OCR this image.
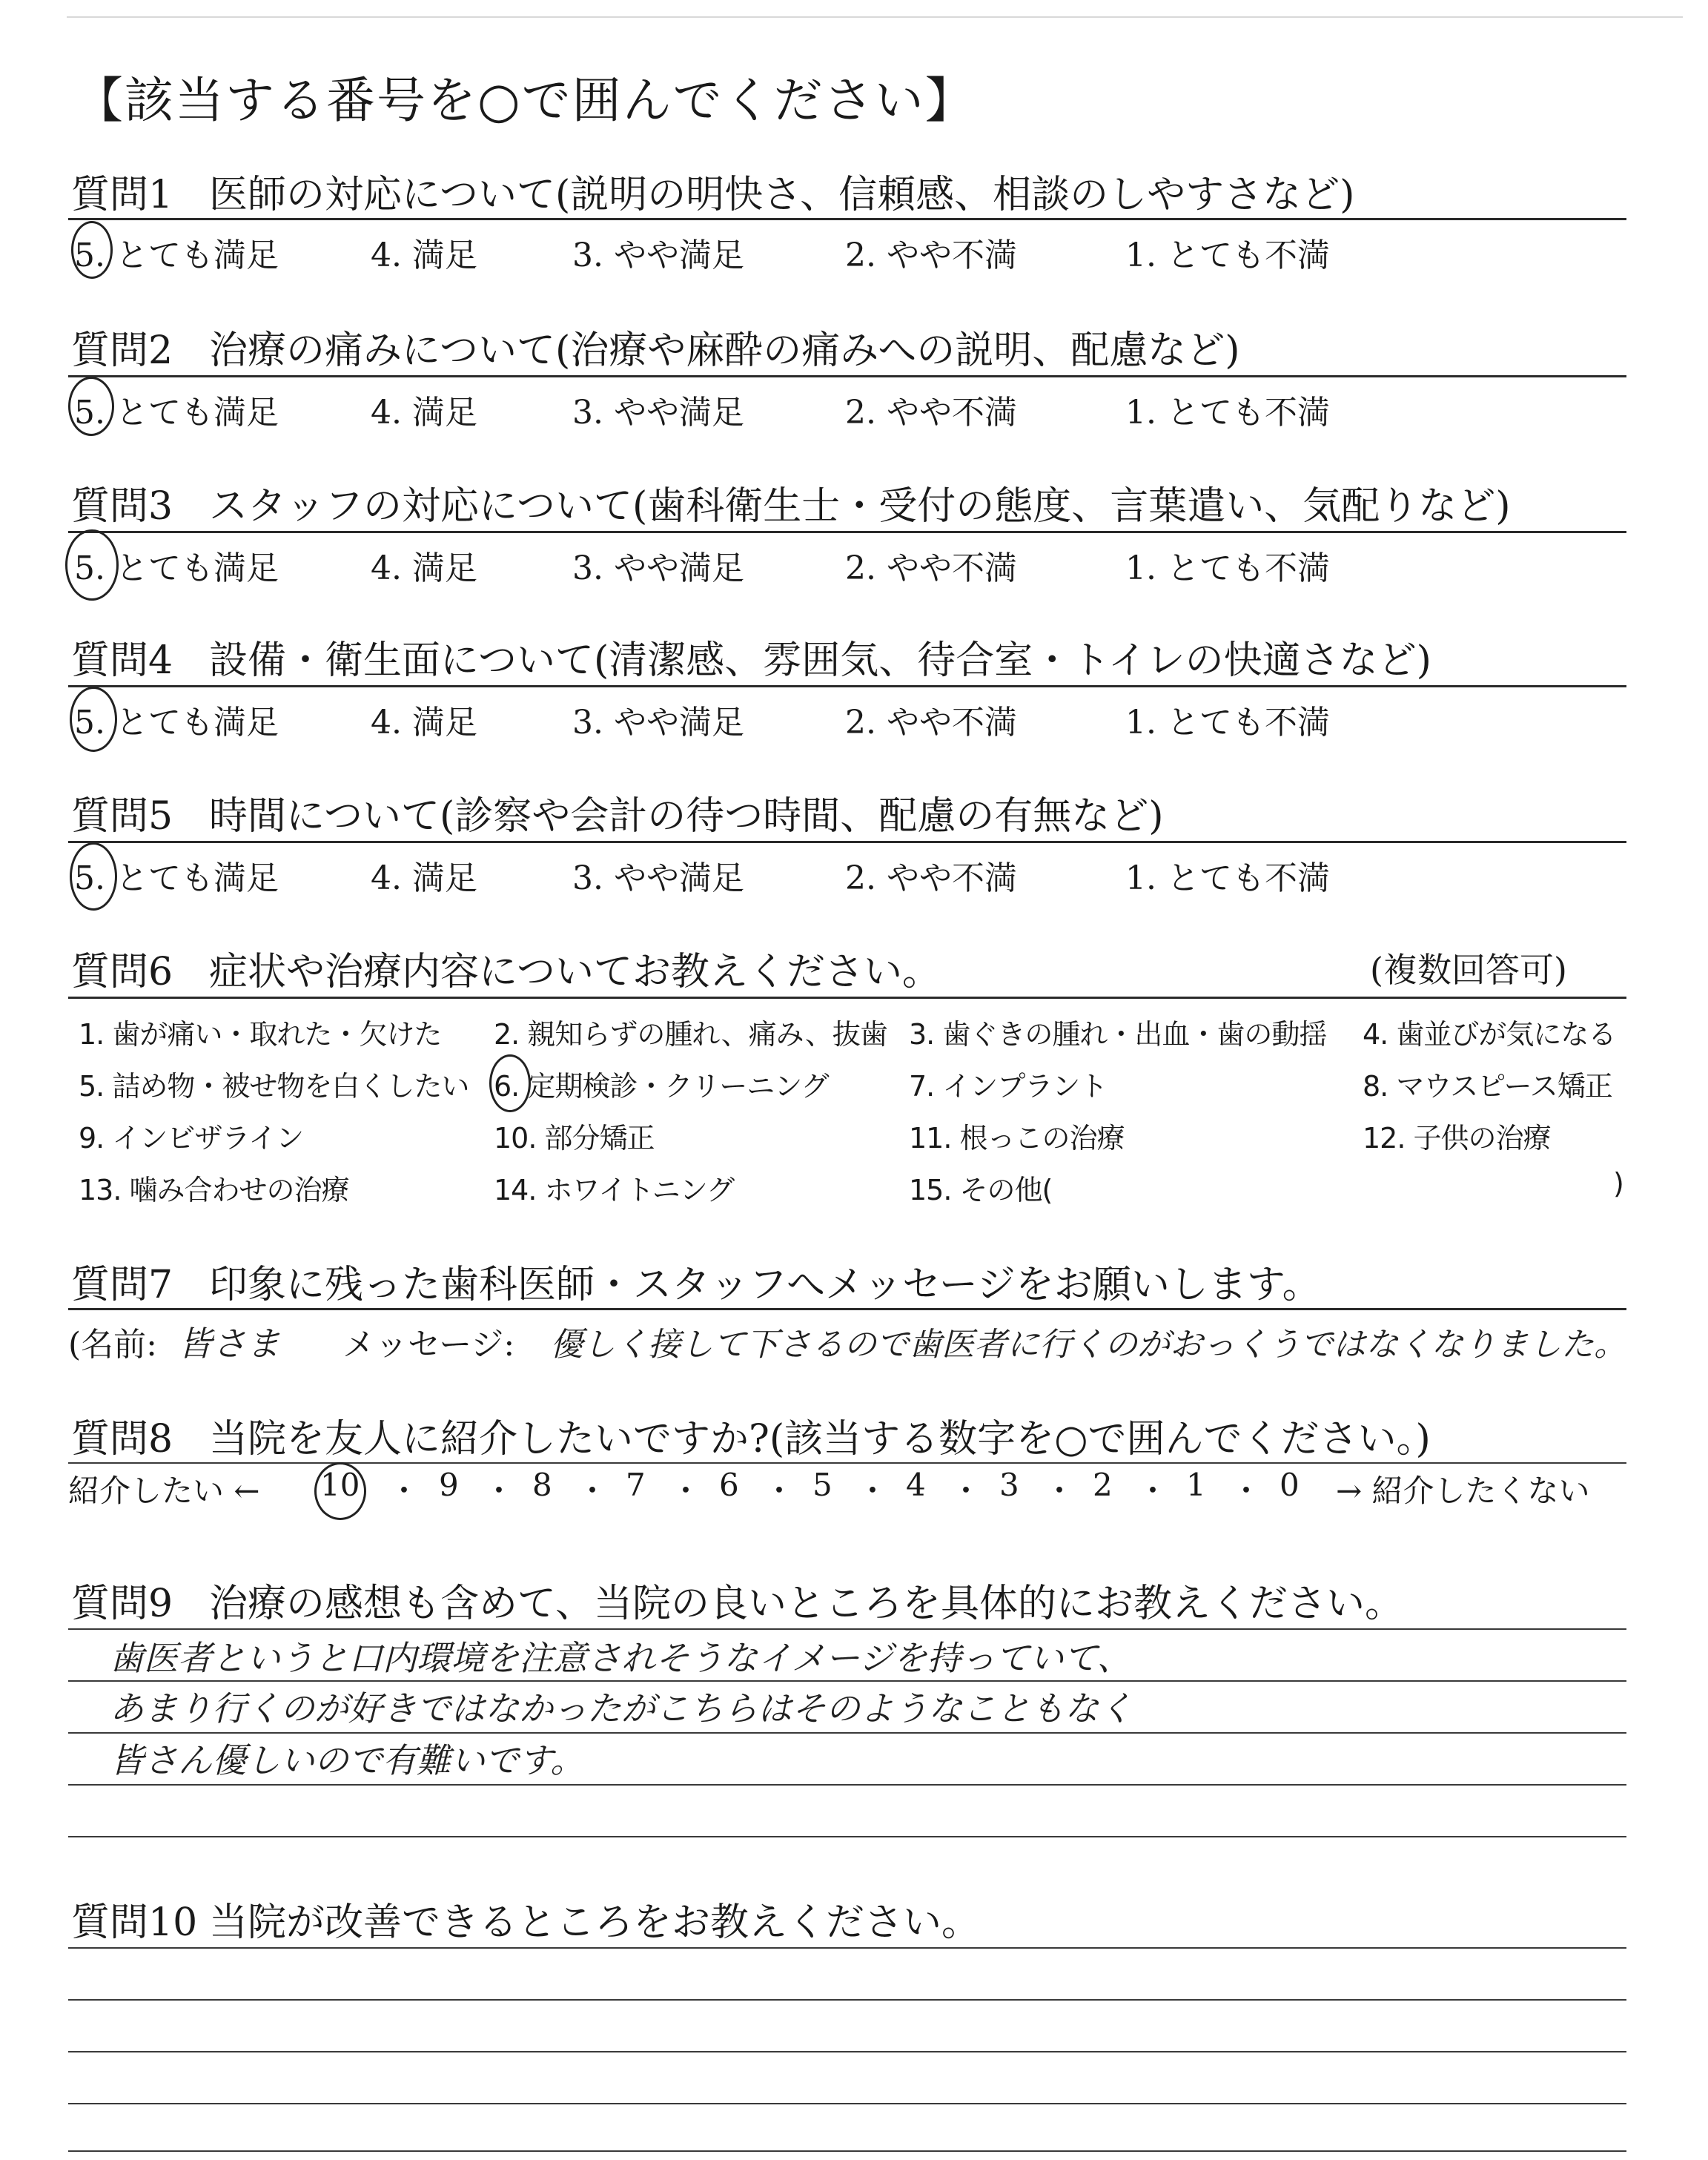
【該当する番号を○で囲んでください】
質問1 医師の対応について(説明の明快さ、信頼感、相談のしやすさなど)
5. とても満足	4. 満足	3. やや満足	2. やや不満	1. とても不満
質問2 治療の痛みについて(治療や麻酔の痛みへの説明、配慮など)
5. とても満足	4. 満足	3. やや満足	2. やや不満	1. とても不満
質問3 スタッフの対応について(歯科衛生士・受付の態度、言葉遣い、気配りなど)
5. とても満足	4. 満足	3. やや満足	2. やや不満	1. とても不満
質問4 設備・衛生面について(清潔感、雰囲気、待合室・トイレの快適さなど)
5. とても満足	4. 満足	3. やや満足	2. やや不満	1. とても不満
質問5 時間について(診察や会計の待つ時間、配慮の有無など)
5. とても満足	4. 満足	3. やや満足	2. やや不満	1. とても不満
質問6 症状や治療内容についてお教えください。	(複数回答可)
1. 歯が痛い・取れた・欠けた 2. 親知らずの腫れ、痛み、抜歯 3. 歯ぐきの腫れ・出血・歯の動揺 4. 歯並びが気になる
5. 詰め物・被せ物を白くしたい 6. 定期検診・クリーニング	7. インプラント	8. マウスピース矯正
9. インビザライン	10. 部分矯正	11. 根っこの治療	12. 子供の治療
13. 噛み合わせの治療	14. ホワイトニング	15. その他(	)
質問7 印象に残った歯科医師・スタッフへメッセージをお願いします。
(名前: 皆さま メッセージ: 優しく接して下さるので歯医者に行くのがおっくうではなくなりました。
質問8 当院を友人に紹介したいですか?(該当する数字を○で囲んでください。)
紹介したい ← 10 ・ 9 ・ 8 ・ 7 ・ 6 ・ 5 ・ 4 ・ 3 ・ 2 ・ 1 ・ 0 → 紹介したくない
質問9 治療の感想も含めて、当院の良いところを具体的にお教えください。
歯医者というと口内環境を注意されそうなイメージを持っていて、
あまり行くのが好きではなかったがこちらはそのようなこともなく
皆さん優しいので有難いです。
質問10 当院が改善できるところをお教えください。
